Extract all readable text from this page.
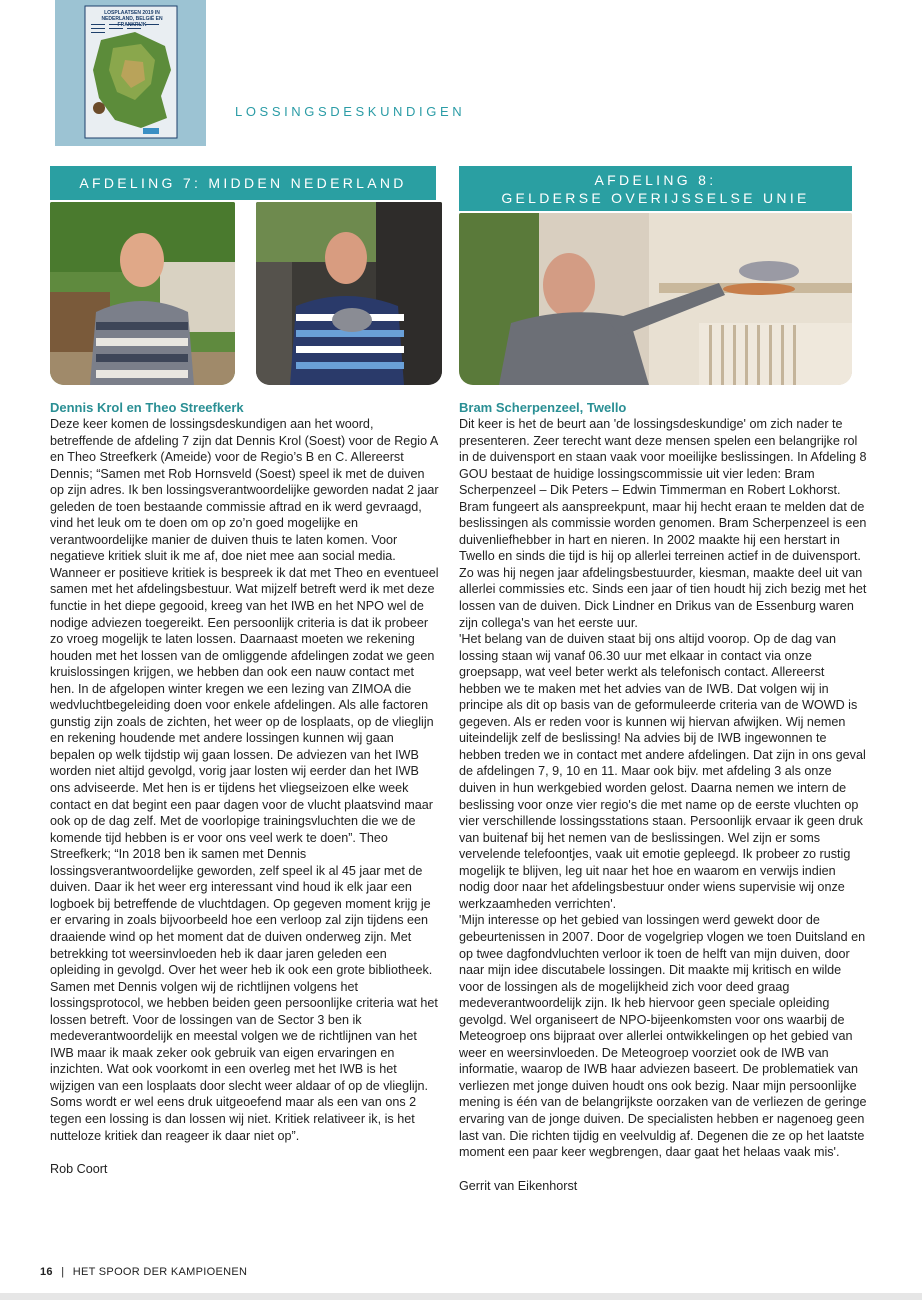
LOSPLAATSEN 2019 IN NEDERLAND, BELGIË EN FRANKRIJK
LOSSINGSDESKUNDIGEN
AFDELING 7: MIDDEN NEDERLAND	AFDELING 8:
GELDERSE OVERIJSSELSE UNIE
Dennis Krol en Theo Streefkerk

Deze keer komen de lossingsdeskundigen aan het woord, betreffende de afdeling 7 zijn dat Dennis Krol (Soest) voor de Regio A en Theo Streefkerk (Ameide) voor de Regio’s B en C. Allereerst Dennis; “Samen met Rob Hornsveld (Soest) speel ik met de duiven op zijn adres. Ik ben lossingsverantwoordelijke geworden nadat 2 jaar geleden de toen bestaande commissie aftrad en ik werd gevraagd, vind het leuk om te doen om op zo’n goed mogelijke en verantwoordelijke manier de duiven thuis te laten komen. Voor negatieve kritiek sluit ik me af, doe niet mee aan social media. Wanneer er positieve kritiek is bespreek ik dat met Theo en eventueel samen met het afdelingsbestuur. Wat mijzelf betreft werd ik met deze functie in het diepe gegooid, kreeg van het IWB en het NPO wel de nodige adviezen toegereikt. Een persoonlijk criteria is dat ik probeer zo vroeg mogelijk te laten lossen. Daarnaast moeten we rekening houden met het lossen van de omliggende afdelingen zodat we geen kruislossingen krijgen, we hebben dan ook een nauw contact met hen. In de afgelopen winter kregen we een lezing van ZIMOA die wedvluchtbegeleiding doen voor enkele afdelingen. Als alle factoren gunstig zijn zoals de zichten, het weer op de losplaats, op de vlieglijn en rekening houdende met andere lossingen kunnen wij gaan bepalen op welk tijdstip wij gaan lossen. De adviezen van het IWB worden niet altijd gevolgd, vorig jaar losten wij eerder dan het IWB ons adviseerde. Met hen is er tijdens het vliegseizoen elke week contact en dat begint een paar dagen voor de vlucht plaatsvind maar ook op de dag zelf. Met de voorlopige trainingsvluchten die we de komende tijd hebben is er voor ons veel werk te doen”. Theo Streefkerk; “In 2018 ben ik samen met Dennis lossingsverantwoordelijke geworden, zelf speel ik al 45 jaar met de duiven. Daar ik het weer erg interessant vind houd ik elk jaar een logboek bij betreffende de vluchtdagen. Op gegeven moment krijg je er ervaring in zoals bijvoorbeeld hoe een verloop zal zijn tijdens een draaiende wind op het moment dat de duiven onderweg zijn. Met betrekking tot weersinvloeden heb ik daar jaren geleden een opleiding in gevolgd. Over het weer heb ik ook een grote bibliotheek. Samen met Dennis volgen wij de richtlijnen volgens het lossingsprotocol, we hebben beiden geen persoonlijke criteria wat het lossen betreft. Voor de lossingen van de Sector 3 ben ik medeverantwoordelijk en meestal volgen we de richtlijnen van het IWB maar ik maak zeker ook gebruik van eigen ervaringen en inzichten. Wat ook voorkomt in een overleg met het IWB is het wijzigen van een losplaats door slecht weer aldaar of op de vlieglijn. Soms wordt er wel eens druk uitgeoefend maar als een van ons 2 tegen een lossing is dan lossen wij niet. Kritiek relativeer ik, is het nutteloze kritiek dan reageer ik daar niet op”.

Rob Coort

Bram Scherpenzeel, Twello

Dit keer is het de beurt aan 'de lossingsdeskundige' om zich nader te presenteren. Zeer terecht want deze mensen spelen een belangrijke rol in de duivensport en staan vaak voor moeilijke beslissingen. In Afdeling 8 GOU bestaat de huidige lossingscommissie uit vier leden: Bram Scherpenzeel – Dik Peters – Edwin Timmerman en Robert Lokhorst. Bram fungeert als aanspreekpunt, maar hij hecht eraan te melden dat de beslissingen als commissie worden genomen. Bram Scherpenzeel is een duivenliefhebber in hart en nieren. In 2002 maakte hij een herstart in Twello en sinds die tijd is hij op allerlei terreinen actief in de duivensport. Zo was hij negen jaar afdelingsbestuurder, kiesman, maakte deel uit van allerlei commissies etc. Sinds een jaar of tien houdt hij zich bezig met het lossen van de duiven. Dick Lindner en Drikus van de Essenburg waren zijn collega's van het eerste uur.

'Het belang van de duiven staat bij ons altijd voorop. Op de dag van lossing staan wij vanaf 06.30 uur met elkaar in contact via onze groepsapp, wat veel beter werkt als telefonisch contact. Allereerst hebben we te maken met het advies van de IWB. Dat volgen wij in principe als dit op basis van de geformuleerde criteria van de WOWD is gegeven. Als er reden voor is kunnen wij hiervan afwijken. Wij nemen uiteindelijk zelf de beslissing! Na advies bij de IWB ingewonnen te hebben treden we in contact met andere afdelingen. Dat zijn in ons geval de afdelingen 7, 9, 10 en 11. Maar ook bijv. met afdeling 3 als onze duiven in hun werkgebied worden gelost. Daarna nemen we intern de beslissing voor onze vier regio's die met name op de eerste vluchten op vier verschillende lossingsstations staan. Persoonlijk ervaar ik geen druk van buitenaf bij het nemen van de beslissingen. Wel zijn er soms vervelende telefoontjes, vaak uit emotie gepleegd. Ik probeer zo rustig mogelijk te blijven, leg uit naar het hoe en waarom en verwijs indien nodig door naar het afdelingsbestuur onder wiens supervisie wij onze werkzaamheden verrichten'.

'Mijn interesse op het gebied van lossingen werd gewekt door de gebeurtenissen in 2007. Door de vogelgriep vlogen we toen Duitsland en op twee dagfondvluchten verloor ik toen de helft van mijn duiven, door naar mijn idee discutabele lossingen. Dit maakte mij kritisch en wilde voor de lossingen als de mogelijkheid zich voor deed graag medeverantwoordelijk zijn. Ik heb hiervoor geen speciale opleiding gevolgd. Wel organiseert de NPO-bijeenkomsten voor ons waarbij de Meteogroep ons bijpraat over allerlei ontwikkelingen op het gebied van weer en weersinvloeden. De Meteogroep voorziet ook de IWB van informatie, waarop de IWB haar adviezen baseert. De problematiek van verliezen met jonge duiven houdt ons ook bezig. Naar mijn persoonlijke mening is één van de belangrijkste oorzaken van de verliezen de geringe ervaring van de jonge duiven. De specialisten hebben er nagenoeg geen last van. Die richten tijdig en veelvuldig af. Degenen die ze op het laatste moment een paar keer wegbrengen, daar gaat het helaas vaak mis'.

Gerrit van Eikenhorst

16 | HET SPOOR DER KAMPIOENEN
